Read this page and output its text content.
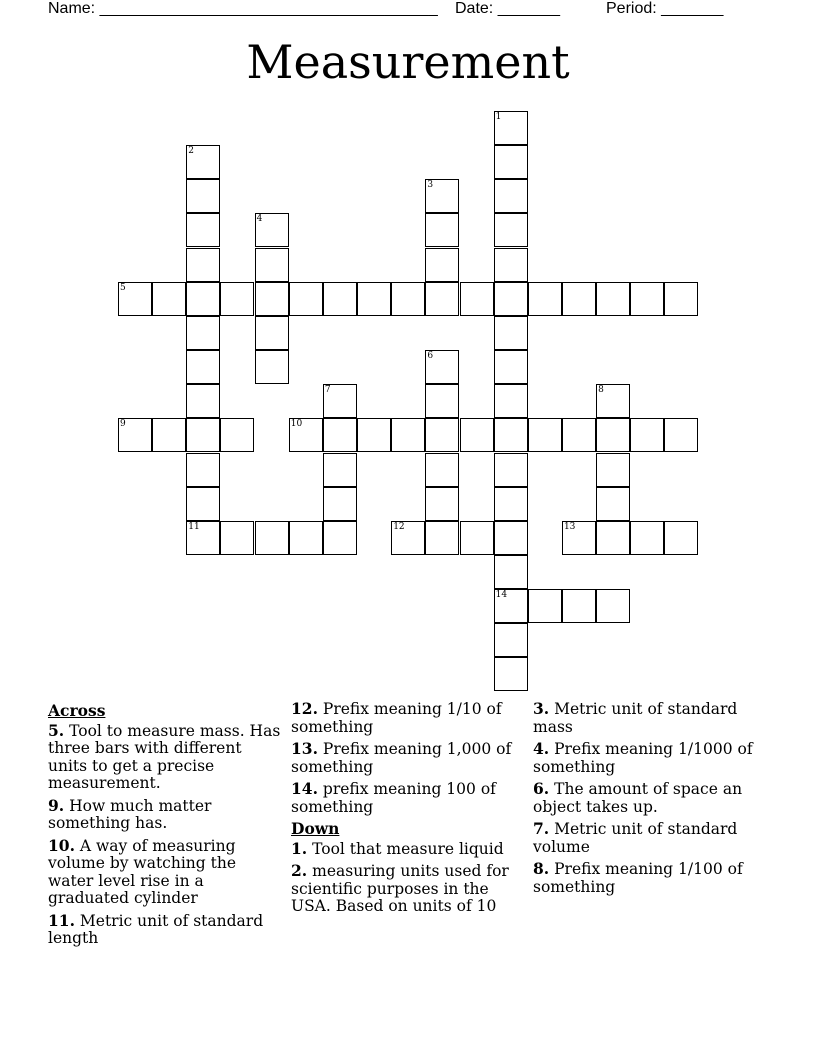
Name: ______________________________________

Date: _______

	Period: _______

Measurement
1
14
2
11
3
4
5
6
7	8
9	10
12	13
Across
5. Tool to measure mass. Has three bars with different units to get a precise measurement.
9. How much matter something has.
10. A way of measuring volume by watching the water level rise in a graduated cylinder
11. Metric unit of standard length
12. Prefix meaning 1/10 of something
13. Prefix meaning 1,000 of something
14. prefix meaning 100 of something
Down
1. Tool that measure liquid
2. measuring units used for scientific purposes in the USA. Based on units of 10
3. Metric unit of standard mass
4. Prefix meaning 1/1000 of something
6. The amount of space an object takes up.
7. Metric unit of standard volume
8. Prefix meaning 1/100 of something
